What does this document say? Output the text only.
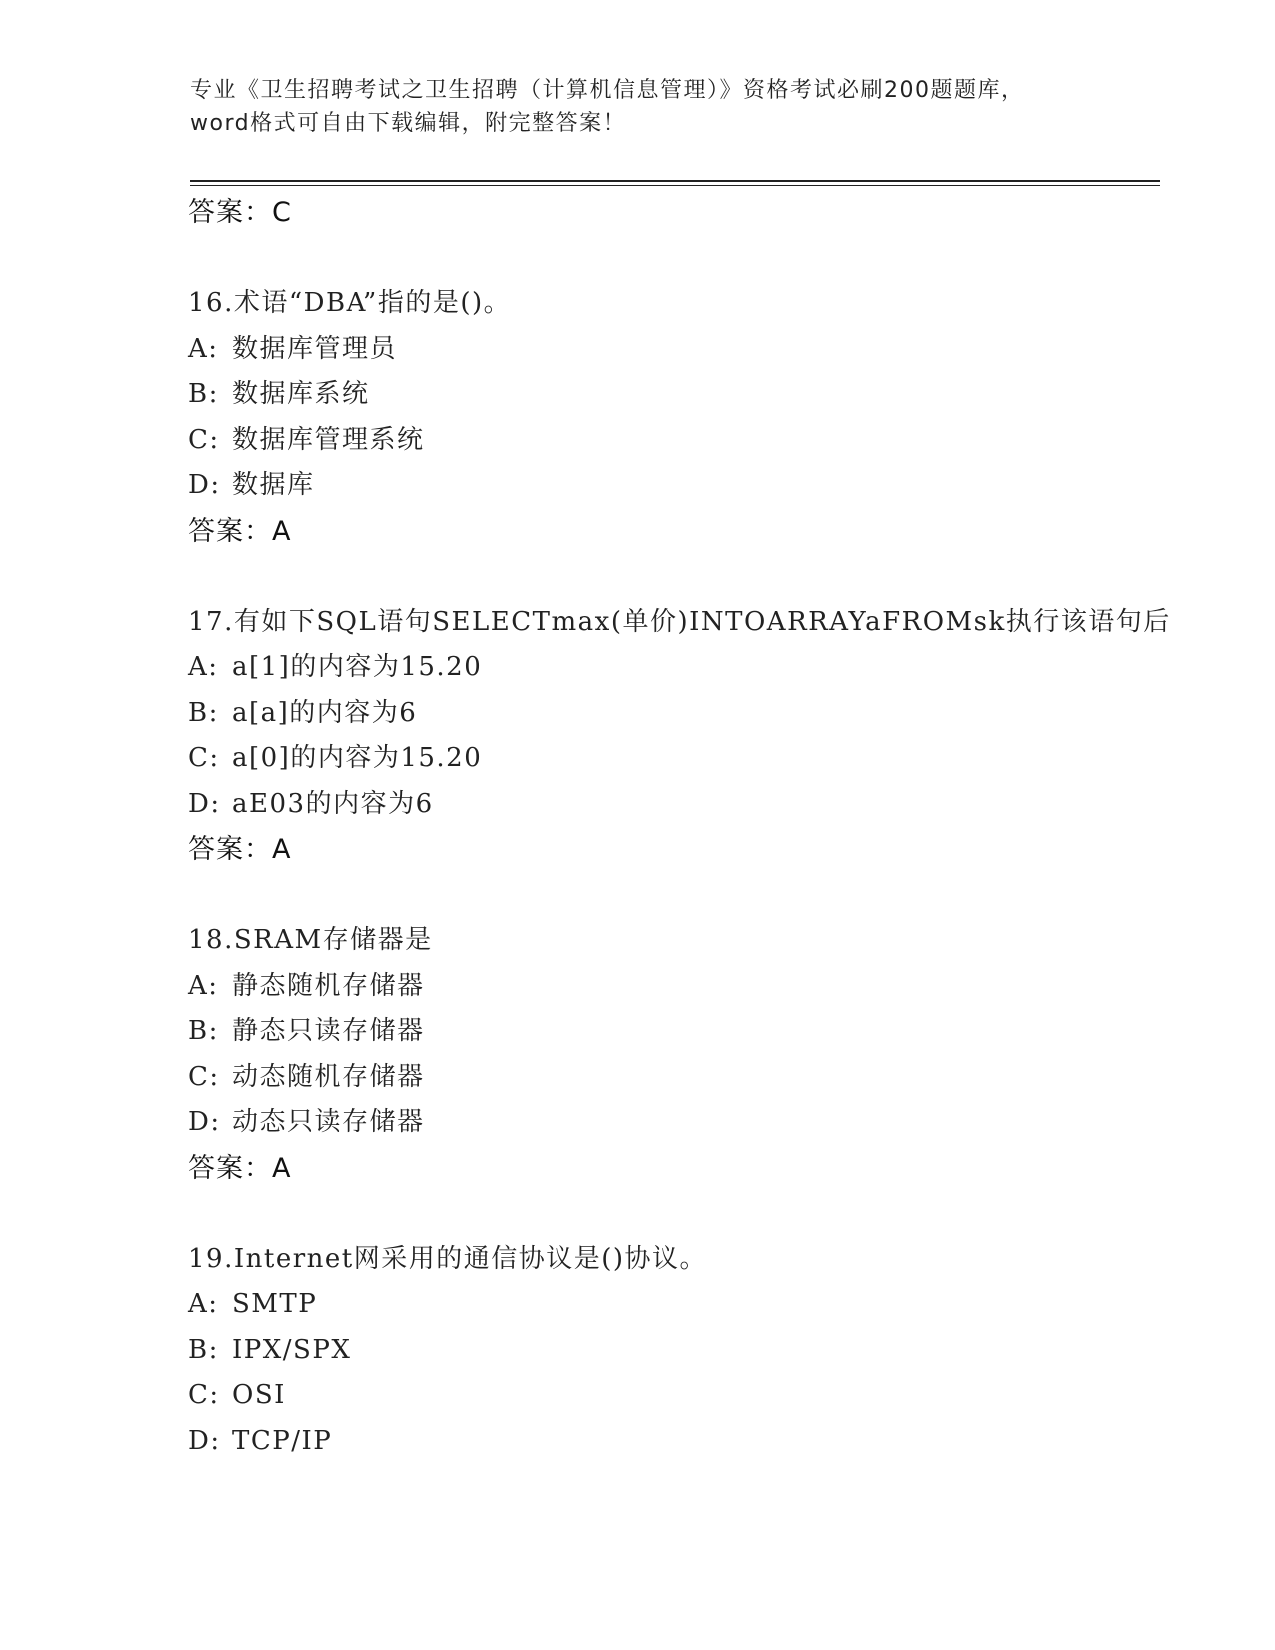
专业《卫生招聘考试之卫生招聘（计算机信息管理）》资格考试必刷200题题库，
word格式可自由下载编辑，附完整答案！
答案：C
16.术语“DBA”指的是()。
A: 数据库管理员
B: 数据库系统
C: 数据库管理系统
D: 数据库
答案：A
17.有如下SQL语句SELECTmax(单价)INTOARRAYaFROMsk执行该语句后
A: a[1]的内容为15.20
B: a[a]的内容为6
C: a[0]的内容为15.20
D: aE03的内容为6
答案：A
18.SRAM存储器是
A: 静态随机存储器
B: 静态只读存储器
C: 动态随机存储器
D: 动态只读存储器
答案：A
19.Internet网采用的通信协议是()协议。
A: SMTP
B: IPX/SPX
C: OSI
D: TCP/IP
